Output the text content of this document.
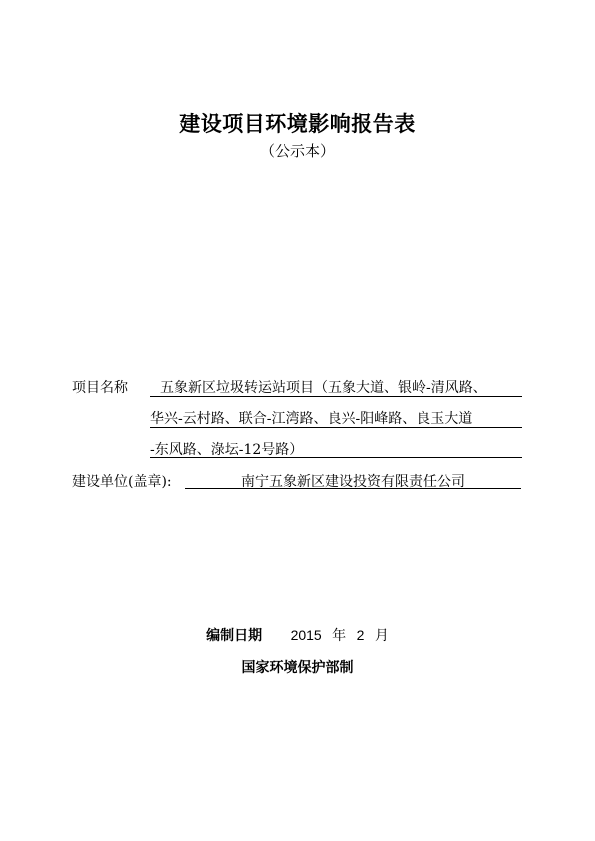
建设项目环境影响报告表
（公示本）
项目名称 五象新区垃圾转运站项目（五象大道、银岭-清风路、
华兴-云村路、联合-江湾路、良兴-阳峰路、良玉大道
-东风路、淥坛-12号路）
建设单位(盖章):	南宁五象新区建设投资有限责任公司
编制日期 2015 年 2 月
国家环境保护部制
